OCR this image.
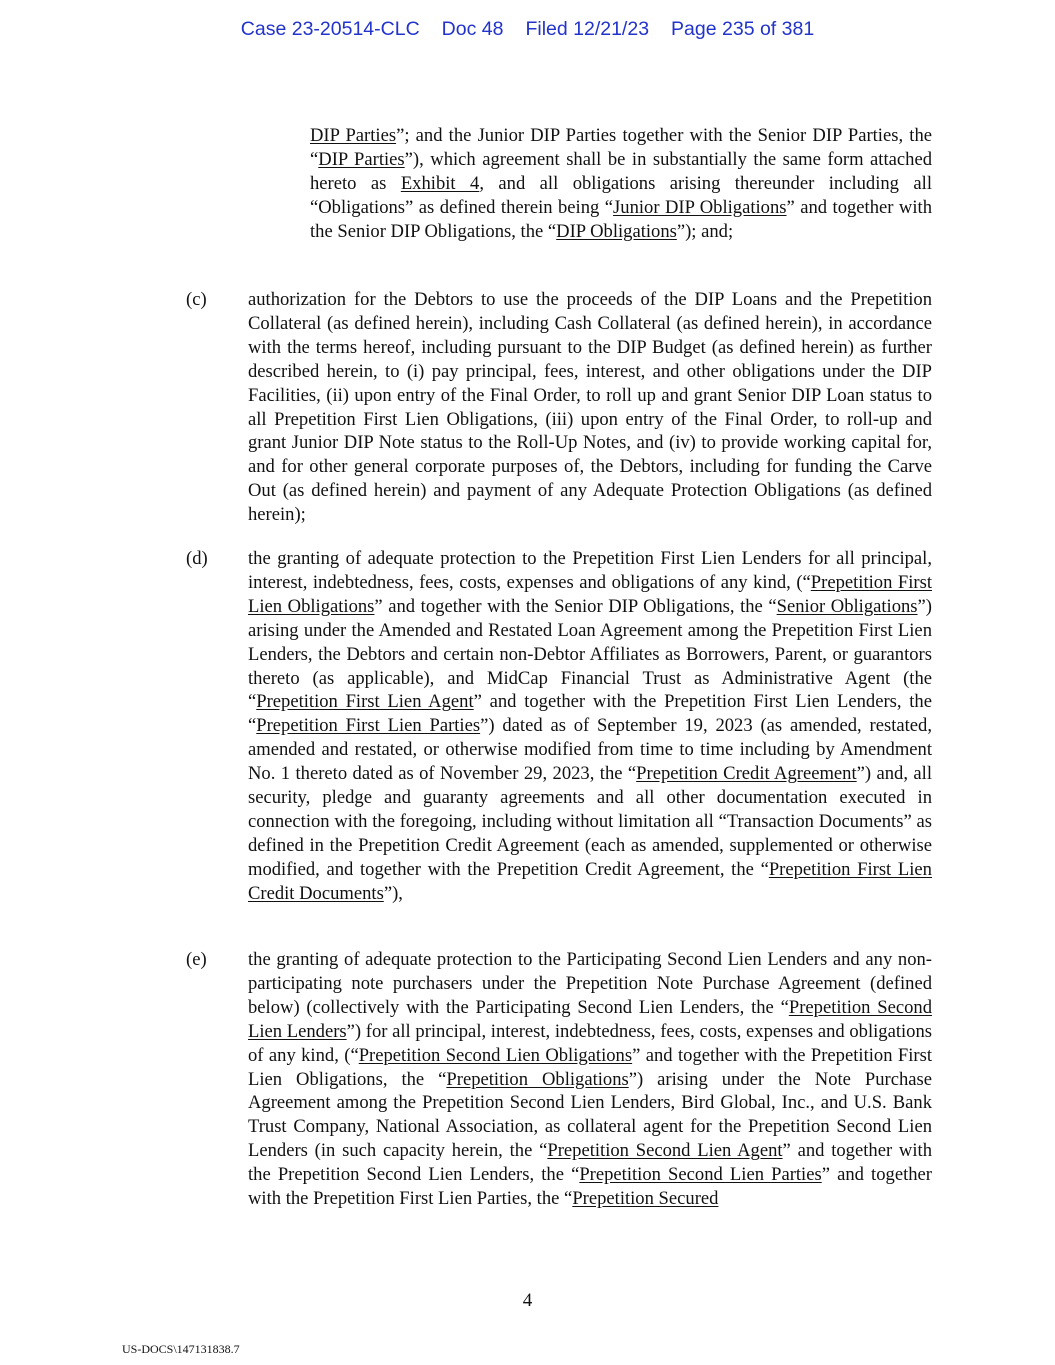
Case 23-20514-CLC Doc 48 Filed 12/21/23 Page 235 of 381
DIP Parties”; and the Junior DIP Parties together with the Senior DIP Parties, the “DIP Parties”), which agreement shall be in substantially the same form attached hereto as Exhibit 4, and all obligations arising thereunder including all “Obligations” as defined therein being “Junior DIP Obligations” and together with the Senior DIP Obligations, the “DIP Obligations”); and;
(c) authorization for the Debtors to use the proceeds of the DIP Loans and the Prepetition Collateral (as defined herein), including Cash Collateral (as defined herein), in accordance with the terms hereof, including pursuant to the DIP Budget (as defined herein) as further described herein, to (i) pay principal, fees, interest, and other obligations under the DIP Facilities, (ii) upon entry of the Final Order, to roll up and grant Senior DIP Loan status to all Prepetition First Lien Obligations, (iii) upon entry of the Final Order, to roll-up and grant Junior DIP Note status to the Roll-Up Notes, and (iv) to provide working capital for, and for other general corporate purposes of, the Debtors, including for funding the Carve Out (as defined herein) and payment of any Adequate Protection Obligations (as defined herein);
(d) the granting of adequate protection to the Prepetition First Lien Lenders for all principal, interest, indebtedness, fees, costs, expenses and obligations of any kind, (“Prepetition First Lien Obligations” and together with the Senior DIP Obligations, the “Senior Obligations”) arising under the Amended and Restated Loan Agreement among the Prepetition First Lien Lenders, the Debtors and certain non-Debtor Affiliates as Borrowers, Parent, or guarantors thereto (as applicable), and MidCap Financial Trust as Administrative Agent (the “Prepetition First Lien Agent” and together with the Prepetition First Lien Lenders, the “Prepetition First Lien Parties”) dated as of September 19, 2023 (as amended, restated, amended and restated, or otherwise modified from time to time including by Amendment No. 1 thereto dated as of November 29, 2023, the “Prepetition Credit Agreement”) and, all security, pledge and guaranty agreements and all other documentation executed in connection with the foregoing, including without limitation all “Transaction Documents” as defined in the Prepetition Credit Agreement (each as amended, supplemented or otherwise modified, and together with the Prepetition Credit Agreement, the “Prepetition First Lien Credit Documents”),
(e) the granting of adequate protection to the Participating Second Lien Lenders and any non-participating note purchasers under the Prepetition Note Purchase Agreement (defined below) (collectively with the Participating Second Lien Lenders, the “Prepetition Second Lien Lenders”) for all principal, interest, indebtedness, fees, costs, expenses and obligations of any kind, (“Prepetition Second Lien Obligations” and together with the Prepetition First Lien Obligations, the “Prepetition Obligations”) arising under the Note Purchase Agreement among the Prepetition Second Lien Lenders, Bird Global, Inc., and U.S. Bank Trust Company, National Association, as collateral agent for the Prepetition Second Lien Lenders (in such capacity herein, the “Prepetition Second Lien Agent” and together with the Prepetition Second Lien Lenders, the “Prepetition Second Lien Parties” and together with the Prepetition First Lien Parties, the “Prepetition Secured
4
US-DOCS\147131838.7
